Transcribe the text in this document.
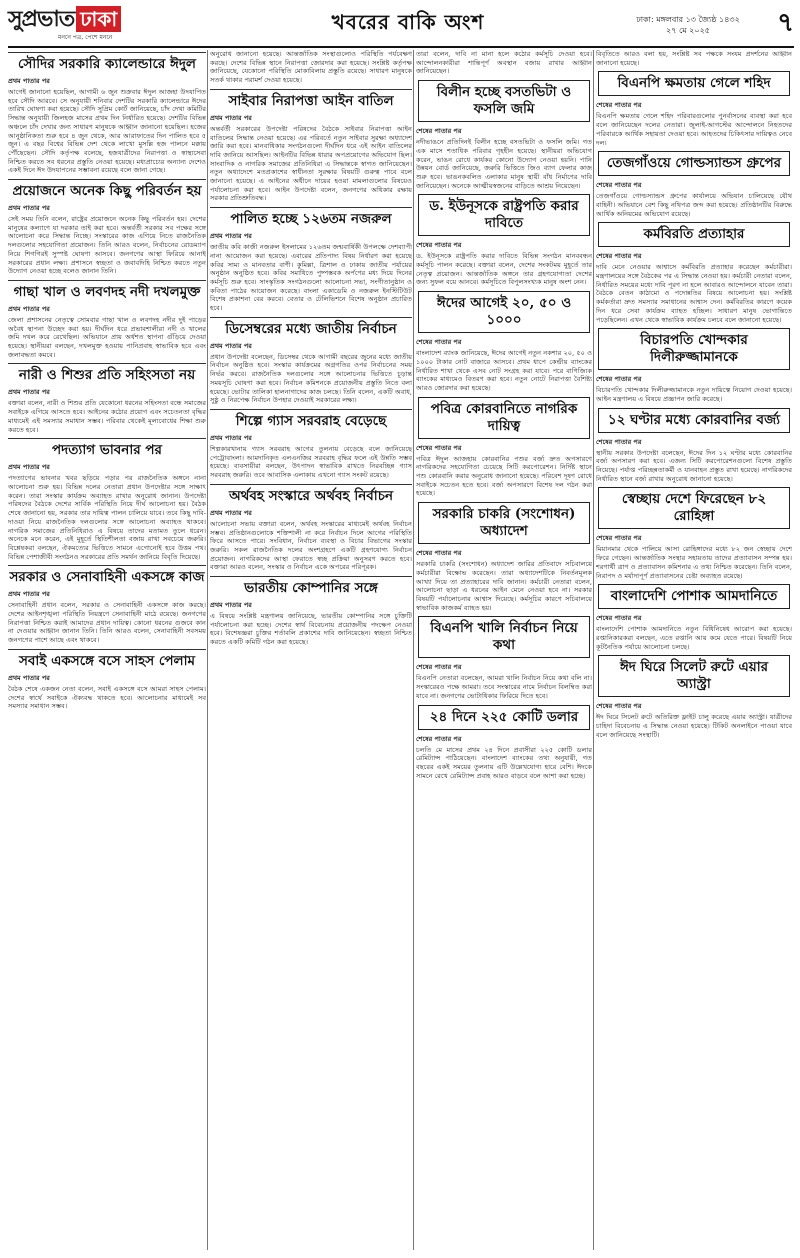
সুপ্রভাত ঢাকা
মননে পত্র, পেশে মননে
খবরের বাকি অংশ	ঢাকা: মঙ্গলবার ১৩ জ্যৈষ্ঠ ১৪৩২
২৭ মে ২০২৫	৭
সৌদির সরকারি ক্যালেন্ডারে ঈদুল
প্রথম পাতার পর
আগেই জানানো হয়েছিল, আগামী ৬ জুন শুক্রবার ঈদুল আজহা উদযাপিত হবে সৌদি আরবে। সে অনুযায়ী শনিবার দেশটির সরকারি ক্যালেন্ডারে ঈদের তারিখ ঘোষণা করা হয়েছে। সৌদি সুপ্রিম কোর্ট জানিয়েছে, চাঁদ দেখা কমিটির সিদ্ধান্ত অনুযায়ী জিলহজ মাসের প্রথম দিন নির্ধারিত হয়েছে। দেশটির বিভিন্ন অঞ্চলে চাঁদ দেখার জন্য সাধারণ মানুষকে আহ্বান জানানো হয়েছিল। হজের আনুষ্ঠানিকতা শুরু হবে ৪ জুন থেকে, আর আরাফাতের দিন পালিত হবে ৫ জুন। এ বছর বিশ্বের বিভিন্ন দেশ থেকে লাখো মুসল্লি হজ পালনে মক্কায় পৌঁছেছেন। সৌদি কর্তৃপক্ষ বলেছে, হজযাত্রীদের নিরাপত্তা ও স্বাস্থ্যসেবা নিশ্চিত করতে সব ধরনের প্রস্তুতি নেওয়া হয়েছে। মধ্যপ্রাচ্যের অন্যান্য দেশেও একই দিনে ঈদ উদযাপনের সম্ভাবনা রয়েছে বলে জানা গেছে।
প্রয়োজনে অনেক কিছু পরিবর্তন হয়
প্রথম পাতার পর
সেই সময় তিনি বলেন, রাষ্ট্রের প্রয়োজনে অনেক কিছু পরিবর্তন হয়। দেশের মানুষের কল্যাণে যা দরকার তাই করা হবে। অন্তর্বর্তী সরকার সব পক্ষের সঙ্গে আলোচনা করে সিদ্ধান্ত নিচ্ছে। সংস্কারের কাজ এগিয়ে নিতে রাজনৈতিক দলগুলোর সহযোগিতা প্রয়োজন। তিনি আরও বলেন, নির্বাচনের রোডম্যাপ নিয়ে শিগগিরই সুস্পষ্ট ঘোষণা আসবে। জনগণের আস্থা ফিরিয়ে আনাই সরকারের প্রধান লক্ষ্য। প্রশাসনে স্বচ্ছতা ও জবাবদিহি নিশ্চিত করতে নতুন উদ্যোগ নেওয়া হচ্ছে বলেও জানান তিনি।
গাছা খাল ও লবণদহ নদী দখলমুক্ত
প্রথম পাতার পর
জেলা প্রশাসনের নেতৃত্বে সোমবার গাছা খাল ও লবণদহ নদীর দুই পাড়ের অবৈধ স্থাপনা উচ্ছেদ করা হয়। দীর্ঘদিন ধরে প্রভাবশালীরা নদী ও খালের জমি দখল করে রেখেছিল। অভিযানে প্রায় অর্ধশত স্থাপনা গুঁড়িয়ে দেওয়া হয়েছে। স্থানীয়রা বলছেন, দখলমুক্ত হওয়ায় পানিপ্রবাহ স্বাভাবিক হবে এবং জলাবদ্ধতা কমবে।
নারী ও শিশুর প্রতি সহিংসতা নয়
প্রথম পাতার পর
বক্তারা বলেন, নারী ও শিশুর প্রতি যেকোনো ধরনের সহিংসতা বন্ধে সমাজের সবাইকে এগিয়ে আসতে হবে। আইনের কঠোর প্রয়োগ এবং সচেতনতা বৃদ্ধির মাধ্যমেই এই সমস্যার সমাধান সম্ভব। পরিবার থেকেই মূল্যবোধের শিক্ষা শুরু করতে হবে।
পদত্যাগ ভাবনার পর
প্রথম পাতার পর
পদত্যাগের ভাবনার খবর ছড়িয়ে পড়ার পর রাজনৈতিক অঙ্গনে নানা আলোচনা শুরু হয়। বিভিন্ন দলের নেতারা প্রধান উপদেষ্টার সঙ্গে সাক্ষাৎ করেন। তারা সংস্কার কার্যক্রম অব্যাহত রাখার অনুরোধ জানান। উপদেষ্টা পরিষদের বৈঠকে দেশের সার্বিক পরিস্থিতি নিয়ে দীর্ঘ আলোচনা হয়। বৈঠক শেষে জানানো হয়, সরকার তার দায়িত্ব পালন চালিয়ে যাবে। তবে কিছু দাবি-দাওয়া নিয়ে রাজনৈতিক দলগুলোর সঙ্গে আলোচনা অব্যাহত থাকবে। নাগরিক সমাজের প্রতিনিধিরাও এ বিষয়ে তাদের মতামত তুলে ধরেন। অনেকে মনে করেন, এই মুহূর্তে স্থিতিশীলতা বজায় রাখা সবচেয়ে জরুরি। বিশ্লেষকরা বলছেন, ঐকমত্যের ভিত্তিতে সামনে এগোনোই হবে উত্তম পথ। বিভিন্ন পেশাজীবী সংগঠনও সরকারের প্রতি সমর্থন জানিয়ে বিবৃতি দিয়েছে।
সরকার ও সেনাবাহিনী একসঙ্গে কাজ
প্রথম পাতার পর
সেনাবাহিনী প্রধান বলেন, সরকার ও সেনাবাহিনী একসঙ্গে কাজ করছে। দেশের আইনশৃঙ্খলা পরিস্থিতি নিয়ন্ত্রণে সেনাবাহিনী মাঠে রয়েছে। জনগণের নিরাপত্তা নিশ্চিত করাই আমাদের প্রধান দায়িত্ব। কোনো ধরনের গুজবে কান না দেওয়ার আহ্বান জানান তিনি। তিনি আরও বলেন, সেনাবাহিনী সবসময় জনগণের পাশে আছে এবং থাকবে।
সবাই একসঙ্গে বসে সাহস পেলাম
প্রথম পাতার পর
বৈঠক শেষে একজন নেতা বলেন, সবাই একসঙ্গে বসে আমরা সাহস পেলাম। দেশের স্বার্থে সবাইকে ঐক্যবদ্ধ থাকতে হবে। আলোচনার মাধ্যমেই সব সমস্যার সমাধান সম্ভব।
অনুরোধ জানানো হয়েছে। আন্তর্জাতিক সংস্থাগুলোও পরিস্থিতি পর্যবেক্ষণ করছে। দেশের বিভিন্ন স্থানে নিরাপত্তা জোরদার করা হয়েছে। সংশ্লিষ্ট কর্তৃপক্ষ জানিয়েছে, যেকোনো পরিস্থিতি মোকাবিলায় প্রস্তুতি রয়েছে। সাধারণ মানুষকে সতর্ক থাকার পরামর্শ দেওয়া হয়েছে।
সাইবার নিরাপত্তা আইন বাতিল
প্রথম পাতার পর
অন্তর্বর্তী সরকারের উপদেষ্টা পরিষদের বৈঠকে সাইবার নিরাপত্তা আইন বাতিলের সিদ্ধান্ত নেওয়া হয়েছে। এর পরিবর্তে নতুন সাইবার সুরক্ষা অধ্যাদেশ জারি করা হবে। মানবাধিকার সংগঠনগুলো দীর্ঘদিন ধরে এই আইন বাতিলের দাবি জানিয়ে আসছিল। আইনটির বিভিন্ন ধারার অপপ্রয়োগের অভিযোগ ছিল। সাংবাদিক ও নাগরিক সমাজের প্রতিনিধিরা এ সিদ্ধান্তকে স্বাগত জানিয়েছেন। নতুন অধ্যাদেশে মতপ্রকাশের স্বাধীনতা সুরক্ষার বিষয়টি গুরুত্ব পাবে বলে জানানো হয়েছে। এ আইনের অধীনে দায়ের হওয়া মামলাগুলোর বিষয়েও পর্যালোচনা করা হবে। আইন উপদেষ্টা বলেন, জনগণের অধিকার রক্ষায় সরকার প্রতিশ্রুতিবদ্ধ।
পালিত হচ্ছে ১২৬তম নজরুল
প্রথম পাতার পর
জাতীয় কবি কাজী নজরুল ইসলামের ১২৬তম জন্মবার্ষিকী উপলক্ষে দেশব্যাপী নানা আয়োজন করা হয়েছে। এবারের প্রতিপাদ্য বিষয় নির্ধারণ করা হয়েছে কবির সাম্য ও মানবতার বাণী। কুমিল্লা, ত্রিশাল ও ঢাকায় জাতীয় পর্যায়ের অনুষ্ঠান অনুষ্ঠিত হবে। কবির সমাধিতে পুষ্পস্তবক অর্পণের মধ্য দিয়ে দিনের কর্মসূচি শুরু হবে। সাংস্কৃতিক সংগঠনগুলো আলোচনা সভা, সংগীতানুষ্ঠান ও কবিতা পাঠের আয়োজন করেছে। বাংলা একাডেমি ও নজরুল ইনস্টিটিউট বিশেষ প্রকাশনা বের করবে। বেতার ও টেলিভিশনে বিশেষ অনুষ্ঠান প্রচারিত হবে।
ডিসেম্বরের মধ্যে জাতীয় নির্বাচন
প্রথম পাতার পর
প্রধান উপদেষ্টা বলেছেন, ডিসেম্বর থেকে আগামী বছরের জুনের মধ্যে জাতীয় নির্বাচন অনুষ্ঠিত হবে। সংস্কার কার্যক্রমের অগ্রগতির ওপর নির্বাচনের সময় নির্ভর করবে। রাজনৈতিক দলগুলোর সঙ্গে আলোচনার ভিত্তিতে চূড়ান্ত সময়সূচি ঘোষণা করা হবে। নির্বাচন কমিশনকে প্রয়োজনীয় প্রস্তুতি নিতে বলা হয়েছে। ভোটার তালিকা হালনাগাদের কাজ চলছে। তিনি বলেন, একটি অবাধ, সুষ্ঠু ও নিরপেক্ষ নির্বাচন উপহার দেওয়াই সরকারের লক্ষ্য।
শিল্পে গ্যাস সরবরাহ বেড়েছে
প্রথম পাতার পর
শিল্পকারখানায় গ্যাস সরবরাহ আগের তুলনায় বেড়েছে বলে জানিয়েছে পেট্রোবাংলা। আমদানিকৃত এলএনজির সরবরাহ বৃদ্ধির ফলে এই উন্নতি সম্ভব হয়েছে। ব্যবসায়ীরা বলছেন, উৎপাদন স্বাভাবিক রাখতে নিরবচ্ছিন্ন গ্যাস সরবরাহ জরুরি। তবে আবাসিক এলাকায় এখনো গ্যাস সংকট রয়েছে।
অর্থবহ সংস্কারে অর্থবহ নির্বাচন
প্রথম পাতার পর
আলোচনা সভায় বক্তারা বলেন, অর্থবহ সংস্কারের মাধ্যমেই অর্থবহ নির্বাচন সম্ভব। প্রতিষ্ঠানগুলোকে শক্তিশালী না করে নির্বাচন দিলে আগের পরিস্থিতি ফিরে আসতে পারে। সংবিধান, নির্বাচন ব্যবস্থা ও বিচার বিভাগের সংস্কার জরুরি। সকল রাজনৈতিক দলের অংশগ্রহণে একটি গ্রহণযোগ্য নির্বাচন প্রয়োজন। নাগরিকদের আস্থা ফেরাতে স্বচ্ছ প্রক্রিয়া অনুসরণ করতে হবে। বক্তারা আরও বলেন, সংস্কার ও নির্বাচন একে অপরের পরিপূরক।
ভারতীয় কোম্পানির সঙ্গে
প্রথম পাতার পর
এ বিষয়ে সংশ্লিষ্ট মন্ত্রণালয় জানিয়েছে, ভারতীয় কোম্পানির সঙ্গে চুক্তিটি পর্যালোচনা করা হচ্ছে। দেশের স্বার্থ বিবেচনায় প্রয়োজনীয় পদক্ষেপ নেওয়া হবে। বিশেষজ্ঞরা চুক্তির শর্তাবলি প্রকাশের দাবি জানিয়েছেন। স্বচ্ছতা নিশ্চিত করতে একটি কমিটি গঠন করা হয়েছে।
তারা বলেন, দাবি না মানা হলে কঠোর কর্মসূচি দেওয়া হবে। আন্দোলনকারীরা শান্তিপূর্ণ অবস্থান বজায় রাখার আহ্বান জানিয়েছেন।
বিলীন হচ্ছে বসতভিটা ও ফসলি জমি
শেষের পাতার পর
নদীভাঙনে প্রতিদিনই বিলীন হচ্ছে বসতভিটা ও ফসলি জমি। গত এক মাসে শতাধিক পরিবার গৃহহীন হয়েছে। স্থানীয়রা অভিযোগ করেন, ভাঙন রোধে কার্যকর কোনো উদ্যোগ নেওয়া হয়নি। পানি উন্নয়ন বোর্ড জানিয়েছে, জরুরি ভিত্তিতে জিও ব্যাগ ফেলার কাজ শুরু হবে। ভাঙনকবলিত এলাকার মানুষ স্থায়ী বাঁধ নির্মাণের দাবি জানিয়েছেন। অনেকে আত্মীয়স্বজনের বাড়িতে আশ্রয় নিয়েছেন।
ড. ইউনূসকে রাষ্ট্রপতি করার দাবিতে
শেষের পাতার পর
ড. ইউনূসকে রাষ্ট্রপতি করার দাবিতে বিভিন্ন সংগঠন মানববন্ধন কর্মসূচি পালন করেছে। বক্তারা বলেন, দেশের সংকটময় মুহূর্তে তার নেতৃত্ব প্রয়োজন। আন্তর্জাতিক অঙ্গনে তার গ্রহণযোগ্যতা দেশের জন্য সুফল বয়ে আনবে। কর্মসূচিতে বিপুলসংখ্যক মানুষ অংশ নেন।
ঈদের আগেই ২০, ৫০ ও ১০০০
শেষের পাতার পর
বাংলাদেশ ব্যাংক জানিয়েছে, ঈদের আগেই নতুন নকশার ২০, ৫০ ও ১০০০ টাকার নোট বাজারে আসবে। প্রথম ধাপে কেন্দ্রীয় ব্যাংকের নির্ধারিত শাখা থেকে এসব নোট সংগ্রহ করা যাবে। পরে বাণিজ্যিক ব্যাংকের মাধ্যমেও বিতরণ করা হবে। নতুন নোটে নিরাপত্তা বৈশিষ্ট্য আরও জোরদার করা হয়েছে।
পবিত্র কোরবানিতে নাগরিক দায়িত্ব
শেষের পাতার পর
পবিত্র ঈদুল আজহায় কোরবানির পশুর বর্জ্য দ্রুত অপসারণে নাগরিকদের সহযোগিতা চেয়েছে সিটি করপোরেশন। নির্দিষ্ট স্থানে পশু কোরবানি করার অনুরোধ জানানো হয়েছে। পরিবেশ দূষণ রোধে সবাইকে সচেতন হতে হবে। বর্জ্য অপসারণে বিশেষ দল গঠন করা হয়েছে।
সরকারি চাকরি (সংশোধন) অধ্যাদেশ
শেষের পাতার পর
সরকারি চাকরি (সংশোধন) অধ্যাদেশ জারির প্রতিবাদে সচিবালয়ে কর্মচারীরা বিক্ষোভ করেছেন। তারা অধ্যাদেশটিকে নিবর্তনমূলক আখ্যা দিয়ে তা প্রত্যাহারের দাবি জানান। কর্মচারী নেতারা বলেন, আলোচনা ছাড়া এ ধরনের আইন মেনে নেওয়া হবে না। সরকার বিষয়টি পর্যালোচনার আশ্বাস দিয়েছে। কর্মসূচির কারণে সচিবালয়ে স্বাভাবিক কাজকর্ম ব্যাহত হয়।
বিএনপি খালি নির্বাচন নিয়ে কথা
শেষের পাতার পর
বিএনপি নেতারা বলেছেন, আমরা খালি নির্বাচন নিয়ে কথা বলি না। সংস্কারেরও পক্ষে আমরা। তবে সংস্কারের নামে নির্বাচন বিলম্বিত করা যাবে না। জনগণের ভোটাধিকার ফিরিয়ে দিতে হবে।
২৪ দিনে ২২৫ কোটি ডলার
শেষের পাতার পর
চলতি মে মাসের প্রথম ২৪ দিনে প্রবাসীরা ২২৫ কোটি ডলার রেমিট্যান্স পাঠিয়েছেন। বাংলাদেশ ব্যাংকের তথ্য অনুযায়ী, গত বছরের একই সময়ের তুলনায় এটি উল্লেখযোগ্য হারে বেশি। ঈদকে সামনে রেখে রেমিট্যান্স প্রবাহ আরও বাড়বে বলে আশা করা হচ্ছে।
বিবৃতিতে আরও বলা হয়, সংশ্লিষ্ট সব পক্ষকে সংযম প্রদর্শনের আহ্বান জানানো হয়েছে।
বিএনপি ক্ষমতায় গেলে শহিদ
শেষের পাতার পর
বিএনপি ক্ষমতায় গেলে শহিদ পরিবারগুলোর পুনর্বাসনের ব্যবস্থা করা হবে বলে জানিয়েছেন দলের নেতারা। জুলাই-আগস্টের আন্দোলনে নিহতদের পরিবারকে আর্থিক সহায়তা দেওয়া হবে। আহতদের চিকিৎসার দায়িত্বও নেবে দল।
তেজগাঁওয়ে গোল্ডস্যান্ডস গ্রুপের
শেষের পাতার পর
তেজগাঁওয়ে গোল্ডস্যান্ডস গ্রুপের কার্যালয়ে অভিযান চালিয়েছে যৌথ বাহিনী। অভিযানে বেশ কিছু নথিপত্র জব্দ করা হয়েছে। প্রতিষ্ঠানটির বিরুদ্ধে আর্থিক অনিয়মের অভিযোগ রয়েছে।
কর্মবিরতি প্রত্যাহার
শেষের পাতার পর
দাবি মেনে নেওয়ার আশ্বাসে কর্মবিরতি প্রত্যাহার করেছেন কর্মচারীরা। মন্ত্রণালয়ের সঙ্গে বৈঠকের পর এ সিদ্ধান্ত নেওয়া হয়। কর্মচারী নেতারা বলেন, নির্ধারিত সময়ের মধ্যে দাবি পূরণ না হলে আবারও আন্দোলনে যাবেন তারা। বৈঠকে বেতন কাঠামো ও পদোন্নতির বিষয়ে আলোচনা হয়। সংশ্লিষ্ট কর্মকর্তারা দ্রুত সমস্যার সমাধানের আশ্বাস দেন। কর্মবিরতির কারণে কয়েক দিন ধরে সেবা কার্যক্রম ব্যাহত হচ্ছিল। সাধারণ মানুষ ভোগান্তিতে পড়েছিলেন। এখন থেকে স্বাভাবিক কার্যক্রম চলবে বলে জানানো হয়েছে।
বিচারপতি খোন্দকার দিলীরুজ্জামানকে
শেষের পাতার পর
বিচারপতি খোন্দকার দিলীরুজ্জামানকে নতুন দায়িত্বে নিয়োগ দেওয়া হয়েছে। আইন মন্ত্রণালয় এ বিষয়ে প্রজ্ঞাপন জারি করেছে।
১২ ঘণ্টার মধ্যে কোরবানির বর্জ্য
শেষের পাতার পর
স্থানীয় সরকার উপদেষ্টা বলেছেন, ঈদের দিন ১২ ঘণ্টার মধ্যে কোরবানির বর্জ্য অপসারণ করা হবে। এজন্য সিটি করপোরেশনগুলো বিশেষ প্রস্তুতি নিয়েছে। পর্যাপ্ত পরিচ্ছন্নতাকর্মী ও যানবাহন প্রস্তুত রাখা হয়েছে। নাগরিকদের নির্ধারিত স্থানে বর্জ্য রাখার অনুরোধ জানানো হয়েছে।
স্বেচ্ছায় দেশে ফিরেছেন ৮২ রোহিঙ্গা
শেষের পাতার পর
মিয়ানমার থেকে পালিয়ে আসা রোহিঙ্গাদের মধ্যে ৮২ জন স্বেচ্ছায় দেশে ফিরে গেছেন। আন্তর্জাতিক সংস্থার সহায়তায় তাদের প্রত্যাবাসন সম্পন্ন হয়। শরণার্থী ত্রাণ ও প্রত্যাবাসন কমিশনার এ তথ্য নিশ্চিত করেছেন। তিনি বলেন, নিরাপদ ও মর্যাদাপূর্ণ প্রত্যাবাসনের চেষ্টা অব্যাহত রয়েছে।
বাংলাদেশি পোশাক আমদানিতে
শেষের পাতার পর
বাংলাদেশি পোশাক আমদানিতে নতুন বিধিনিষেধ আরোপ করা হয়েছে। রপ্তানিকারকরা বলছেন, এতে রপ্তানি আয় কমে যেতে পারে। বিষয়টি নিয়ে কূটনৈতিক পর্যায়ে আলোচনা চলছে।
ঈদ ঘিরে সিলেট রুটে এয়ার অ্যাস্ট্রা
শেষের পাতার পর
ঈদ ঘিরে সিলেট রুটে অতিরিক্ত ফ্লাইট চালু করেছে এয়ার অ্যাস্ট্রা। যাত্রীদের চাহিদা বিবেচনায় এ সিদ্ধান্ত নেওয়া হয়েছে। টিকিট অনলাইনে পাওয়া যাবে বলে জানিয়েছে সংস্থাটি।
